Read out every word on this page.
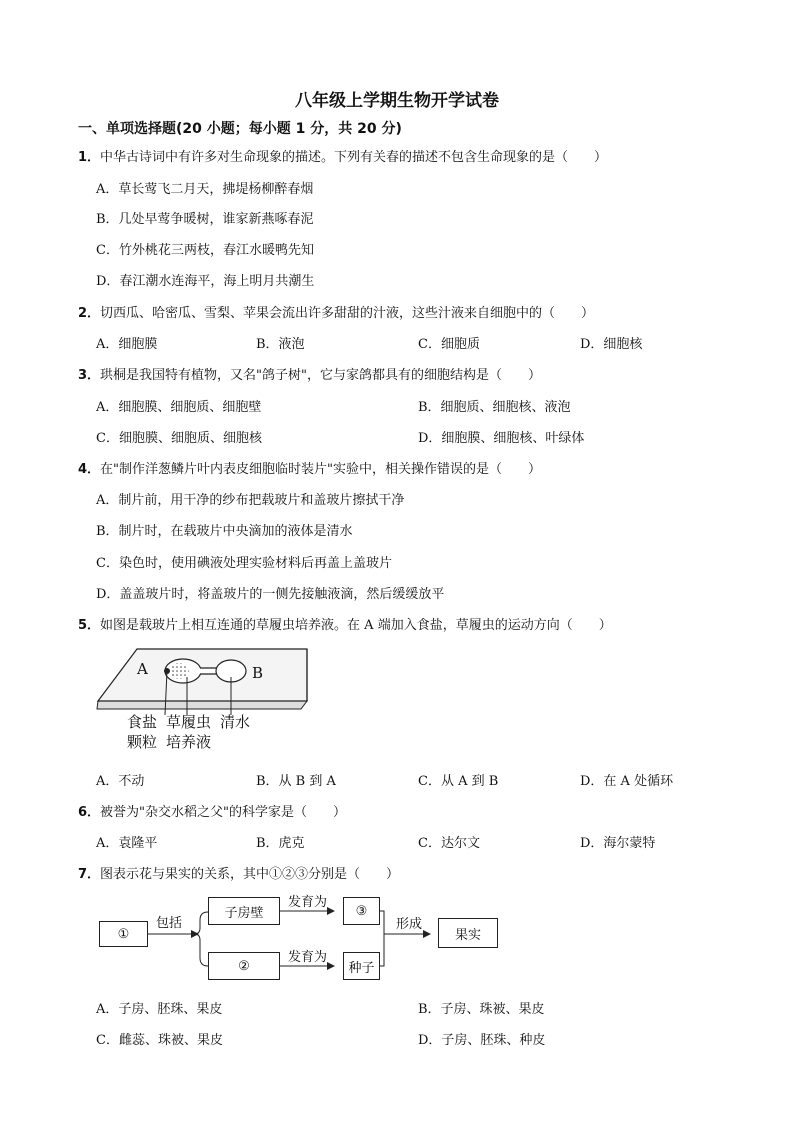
八年级上学期生物开学试卷
一、单项选择题(20 小题；每小题 1 分，共 20 分)
1．中华古诗词中有许多对生命现象的描述。下列有关春的描述不包含生命现象的是（　　）
A．草长莺飞二月天，拂堤杨柳醉春烟
B．几处早莺争暖树，谁家新燕啄春泥
C．竹外桃花三两枝，春江水暖鸭先知
D．春江潮水连海平，海上明月共潮生
2．切西瓜、哈密瓜、雪梨、苹果会流出许多甜甜的汁液，这些汁液来自细胞中的（　　）
A．细胞膜	B．液泡	C．细胞质	D．细胞核
3．珙桐是我国特有植物，又名"鸽子树"，它与家鸽都具有的细胞结构是（　　）
A．细胞膜、细胞质、细胞壁	B．细胞质、细胞核、液泡
C．细胞膜、细胞质、细胞核	D．细胞膜、细胞核、叶绿体
4．在"制作洋葱鳞片叶内表皮细胞临时装片"实验中，相关操作错误的是（　　）
A．制片前，用干净的纱布把载玻片和盖玻片擦拭干净
B．制片时，在载玻片中央滴加的液体是清水
C．染色时，使用碘液处理实验材料后再盖上盖玻片
D．盖盖玻片时，将盖玻片的一侧先接触液滴，然后缓缓放平
5．如图是载玻片上相互连通的草履虫培养液。在 A 端加入食盐，草履虫的运动方向（　　）
A	B
食盐
颗粒
草履虫
培养液
清水
A．不动	B．从 B 到 A	C．从 A 到 B	D．在 A 处循环
6．被誉为"杂交水稻之父"的科学家是（　　）
A．袁隆平	B．虎克	C．达尔文	D．海尔蒙特
7．图表示花与果实的关系，其中①②③分别是（　　）
①
包括
子房壁
②
发育为
发育为
③
种子
形成
果实
A．子房、胚珠、果皮	B．子房、珠被、果皮
C．雌蕊、珠被、果皮	D．子房、胚珠、种皮
